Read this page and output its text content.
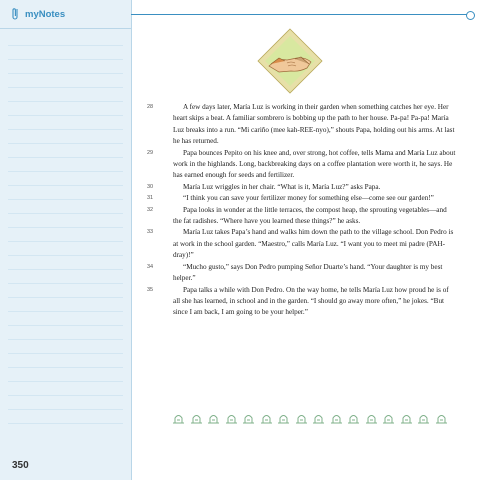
myNotes

28	A few days later, María Luz is working in their garden when something catches her eye. Her heart skips a beat. A familiar sombrero is bobbing up the path to her house. Pa-pa! Pa-pa! María Luz breaks into a run. “Mi cariño (mee kah-REE-nyo),” shouts Papa, holding out his arms. At last he has returned.

29	Papa bounces Pepito on his knee and, over strong, hot coffee, tells Mama and María Luz about work in the highlands. Long, backbreaking days on a coffee plantation were worth it, he says. He has earned enough for seeds and fertilizer.

30	María Luz wriggles in her chair. “What is it, María Luz?” asks Papa.

31	“I think you can save your fertilizer money for something else—come see our garden!”

32	Papa looks in wonder at the little terraces, the compost heap, the sprouting vegetables—and the fat radishes. “Where have you learned these things?” he asks.

33	María Luz takes Papa’s hand and walks him down the path to the village school. Don Pedro is at work in the school garden. “Maestro,” calls María Luz. “I want you to meet mi padre (PAH-dray)!”

34	“Mucho gusto,” says Don Pedro pumping Señor Duarte’s hand. “Your daughter is my best helper.”

35	Papa talks a while with Don Pedro. On the way home, he tells María Luz how proud he is of all she has learned, in school and in the garden. “I should go away more often,” he jokes. “But since I am back, I am going to be your helper.”

350
